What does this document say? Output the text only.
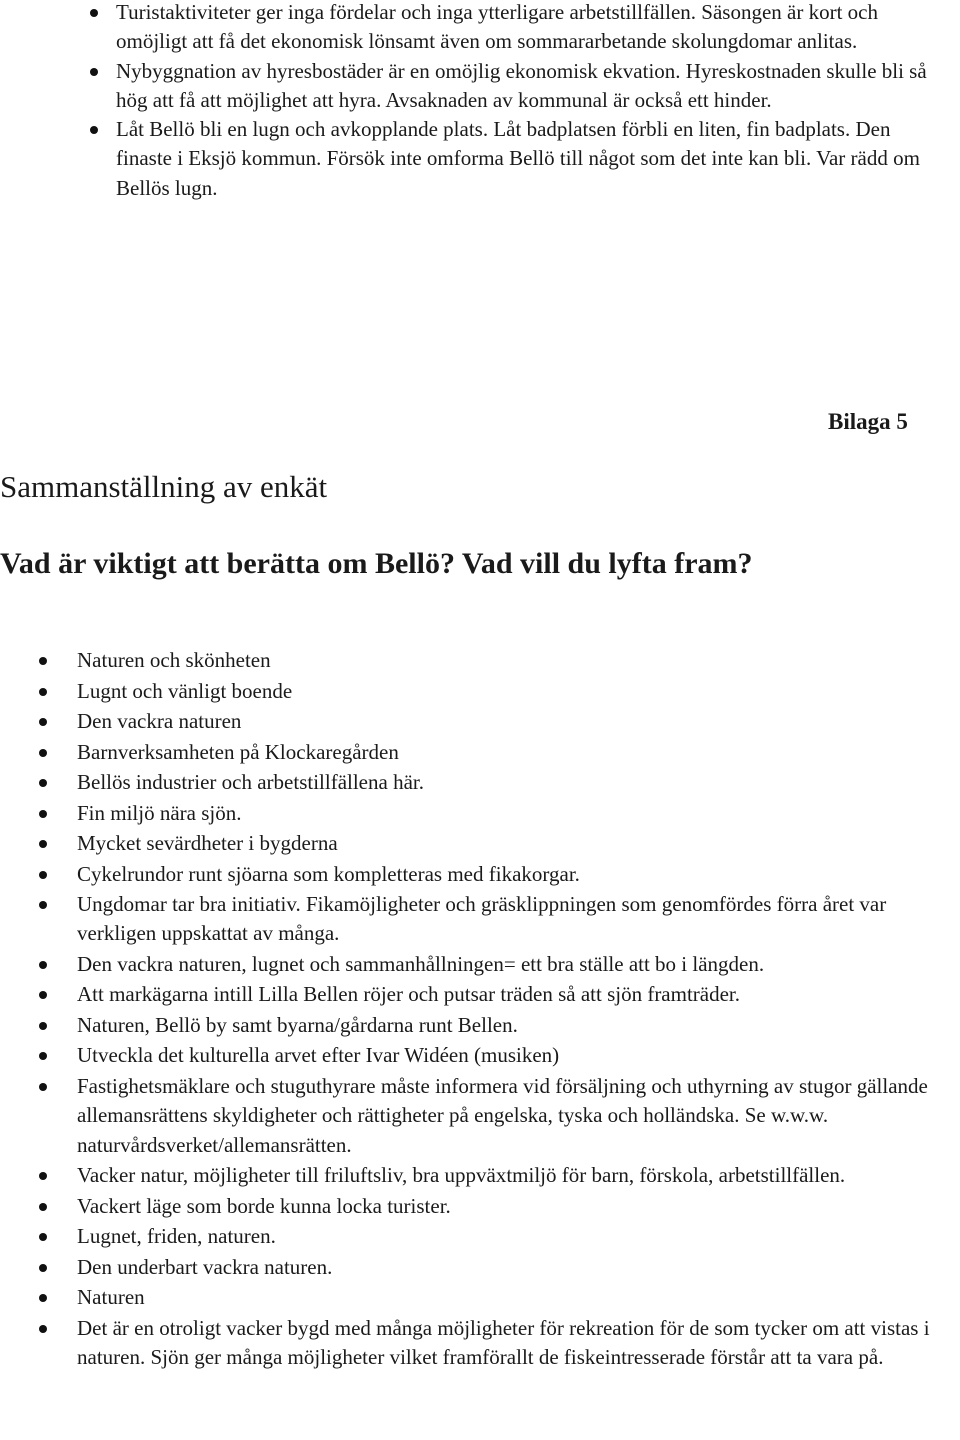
Turistaktiviteter ger inga fördelar och inga ytterligare arbetstillfällen. Säsongen är kort och omöjligt att få det ekonomisk lönsamt även om sommararbetande skolungdomar anlitas.
Nybyggnation av hyresbostäder är en omöjlig ekonomisk ekvation. Hyreskostnaden skulle bli så hög att få att möjlighet att hyra. Avsaknaden av kommunal är också ett hinder.
Låt Bellö bli en lugn och avkopplande plats. Låt badplatsen förbli en liten, fin badplats. Den finaste i Eksjö kommun. Försök inte omforma Bellö till något som det inte kan bli. Var rädd om Bellös lugn.

Bilaga 5

Sammanställning av enkät
Vad är viktigt att berätta om Bellö? Vad vill du lyfta fram?
Naturen och skönheten
Lugnt och vänligt boende
Den vackra naturen
Barnverksamheten på Klockaregården
Bellös industrier och arbetstillfällena här.
Fin miljö nära sjön.
Mycket sevärdheter i bygderna
Cykelrundor runt sjöarna som kompletteras med fikakorgar.
Ungdomar tar bra initiativ. Fikamöjligheter och gräsklippningen som genomfördes förra året var verkligen uppskattat av många.
Den vackra naturen, lugnet och sammanhållningen= ett bra ställe att bo i längden.
Att markägarna intill Lilla Bellen röjer och putsar träden så att sjön framträder.
Naturen, Bellö by samt byarna/gårdarna runt Bellen.
Utveckla det kulturella arvet efter Ivar Widéen (musiken)
Fastighetsmäklare och stuguthyrare måste informera vid försäljning och uthyrning av stugor gällande allemansrättens skyldigheter och rättigheter på engelska, tyska och holländska. Se w.w.w. naturvårdsverket/allemansrätten.
Vacker natur, möjligheter till friluftsliv, bra uppväxtmiljö för barn, förskola, arbetstillfällen.
Vackert läge som borde kunna locka turister.
Lugnet, friden, naturen.
Den underbart vackra naturen.
Naturen
Det är en otroligt vacker bygd med många möjligheter för rekreation för de som tycker om att vistas i naturen. Sjön ger många möjligheter vilket framförallt de fiskeintresserade förstår att ta vara på.
